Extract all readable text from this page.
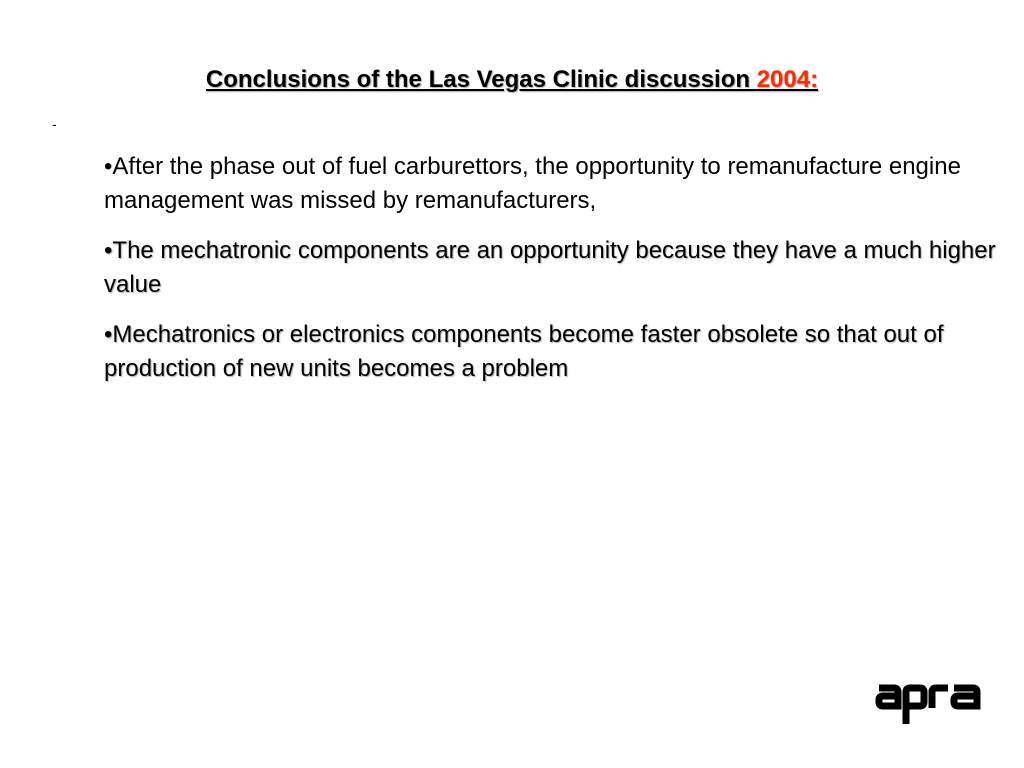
Conclusions of the Las Vegas Clinic discussion 2004:
-
•After the phase out of fuel carburettors, the opportunity to remanufacture engine management was missed by remanufacturers,
•The mechatronic components are an opportunity because they have a much higher value
•Mechatronics or electronics components become faster obsolete so that out of production of new units becomes a problem
